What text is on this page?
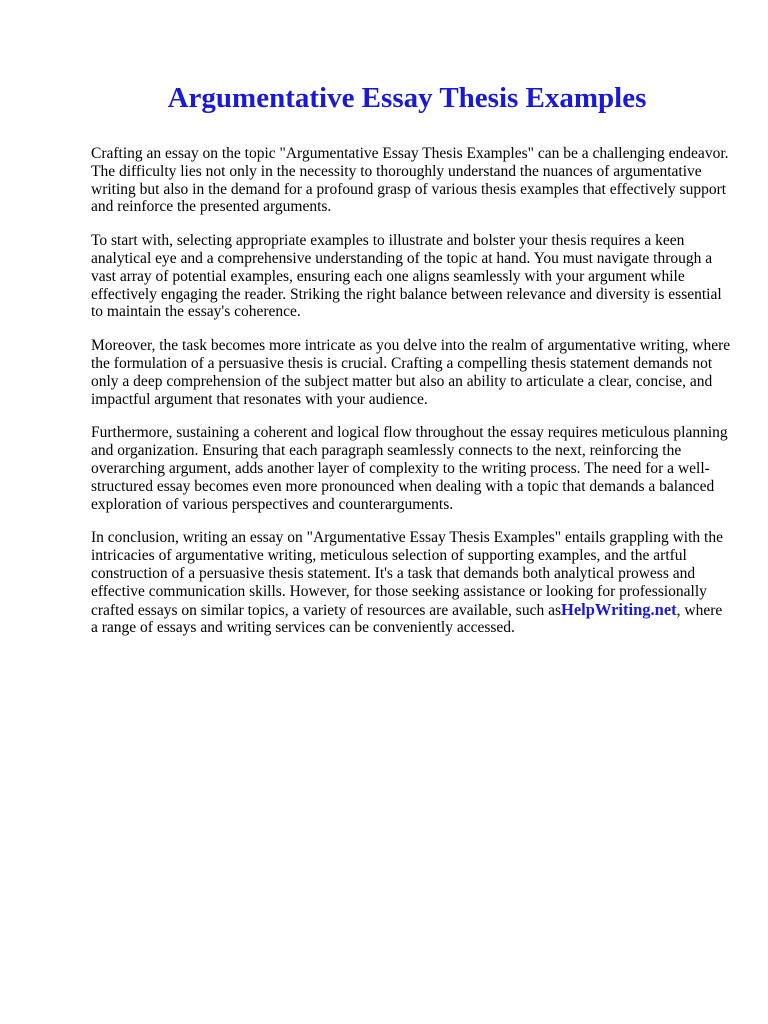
Argumentative Essay Thesis Examples

Crafting an essay on the topic "Argumentative Essay Thesis Examples" can be a challenging endeavor. The difficulty lies not only in the necessity to thoroughly understand the nuances of argumentative writing but also in the demand for a profound grasp of various thesis examples that effectively support and reinforce the presented arguments.

To start with, selecting appropriate examples to illustrate and bolster your thesis requires a keen analytical eye and a comprehensive understanding of the topic at hand. You must navigate through a vast array of potential examples, ensuring each one aligns seamlessly with your argument while effectively engaging the reader. Striking the right balance between relevance and diversity is essential to maintain the essay's coherence.

Moreover, the task becomes more intricate as you delve into the realm of argumentative writing, where the formulation of a persuasive thesis is crucial. Crafting a compelling thesis statement demands not only a deep comprehension of the subject matter but also an ability to articulate a clear, concise, and impactful argument that resonates with your audience.

Furthermore, sustaining a coherent and logical flow throughout the essay requires meticulous planning and organization. Ensuring that each paragraph seamlessly connects to the next, reinforcing the overarching argument, adds another layer of complexity to the writing process. The need for a well-structured essay becomes even more pronounced when dealing with a topic that demands a balanced exploration of various perspectives and counterarguments.

In conclusion, writing an essay on "Argumentative Essay Thesis Examples" entails grappling with the intricacies of argumentative writing, meticulous selection of supporting examples, and the artful construction of a persuasive thesis statement. It's a task that demands both analytical prowess and effective communication skills. However, for those seeking assistance or looking for professionally crafted essays on similar topics, a variety of resources are available, such asHelpWriting.net, where a range of essays and writing services can be conveniently accessed.
